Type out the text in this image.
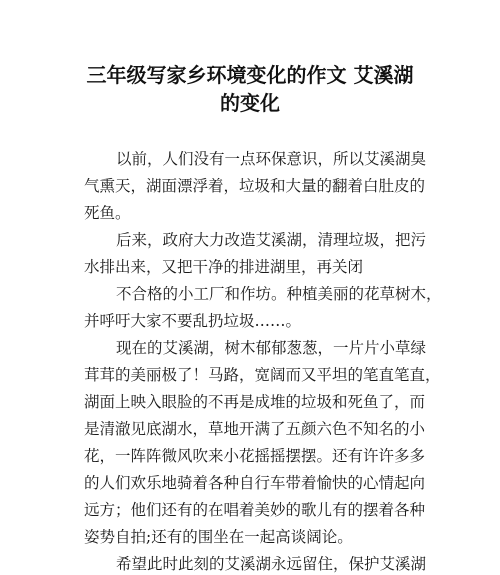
三年级写家乡环境变化的作文 艾溪湖
的变化
以前，人们没有一点环保意识，所以艾溪湖臭
气熏天，湖面漂浮着，垃圾和大量的翻着白肚皮的
死鱼。
后来，政府大力改造艾溪湖，清理垃圾，把污
水排出来，又把干净的排进湖里，再关闭
不合格的小工厂和作坊。种植美丽的花草树木，
并呼吁大家不要乱扔垃圾……。
现在的艾溪湖，树木郁郁葱葱，一片片小草绿
茸茸的美丽极了！马路，宽阔而又平坦的笔直笔直，
湖面上映入眼脸的不再是成堆的垃圾和死鱼了，而
是清澈见底湖水，草地开满了五颜六色不知名的小
花，一阵阵微风吹来小花摇摇摆摆。还有许许多多
的人们欢乐地骑着各种自行车带着愉快的心情起向
远方；他们还有的在唱着美妙的歌儿有的摆着各种
姿势自拍;还有的围坐在一起高谈阔论。
希望此时此刻的艾溪湖永远留住，保护艾溪湖
